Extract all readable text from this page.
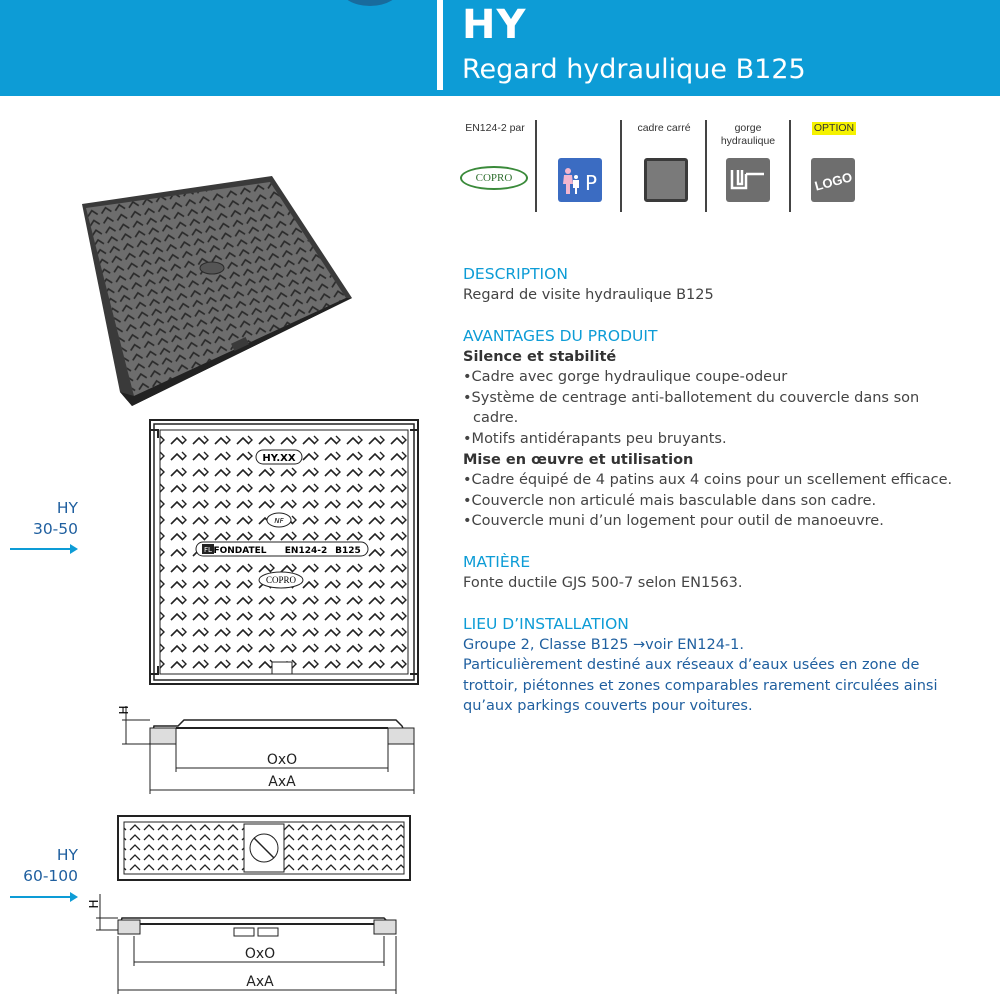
HY
Regard hydraulique B125
EN124-2 par
COPRO	P
cadre carré	gorge
hydraulique
OPTION
LOGO
DESCRIPTION
Regard de visite hydraulique B125
AVANTAGES DU PRODUIT
Silence et stabilité
•Cadre avec gorge hydraulique coupe-odeur
•Système de centrage anti-ballotement du couvercle dans son
cadre.
•Motifs antidérapants peu bruyants.
Mise en œuvre et utilisation
•Cadre équipé de 4 patins aux 4 coins pour un scellement efficace.
•Couvercle non articulé mais basculable dans son cadre.
•Couvercle muni d’un logement pour outil de manoeuvre.
MATIÈRE
Fonte ductile GJS 500-7 selon EN1563.
LIEU D’INSTALLATION
Groupe 2, Classe B125 →voir EN124-1.
Particulièrement destiné aux réseaux d’eaux usées en zone de
trottoir, piétonnes et zones comparables rarement circulées ainsi
qu’aux parkings couverts pour voitures.
HY.XX
NF
FL FONDATEL EN124-2 B125
COPRO
H
OxO
AxA
H
OxO
AxA
HY
30-50
HY
60-100
